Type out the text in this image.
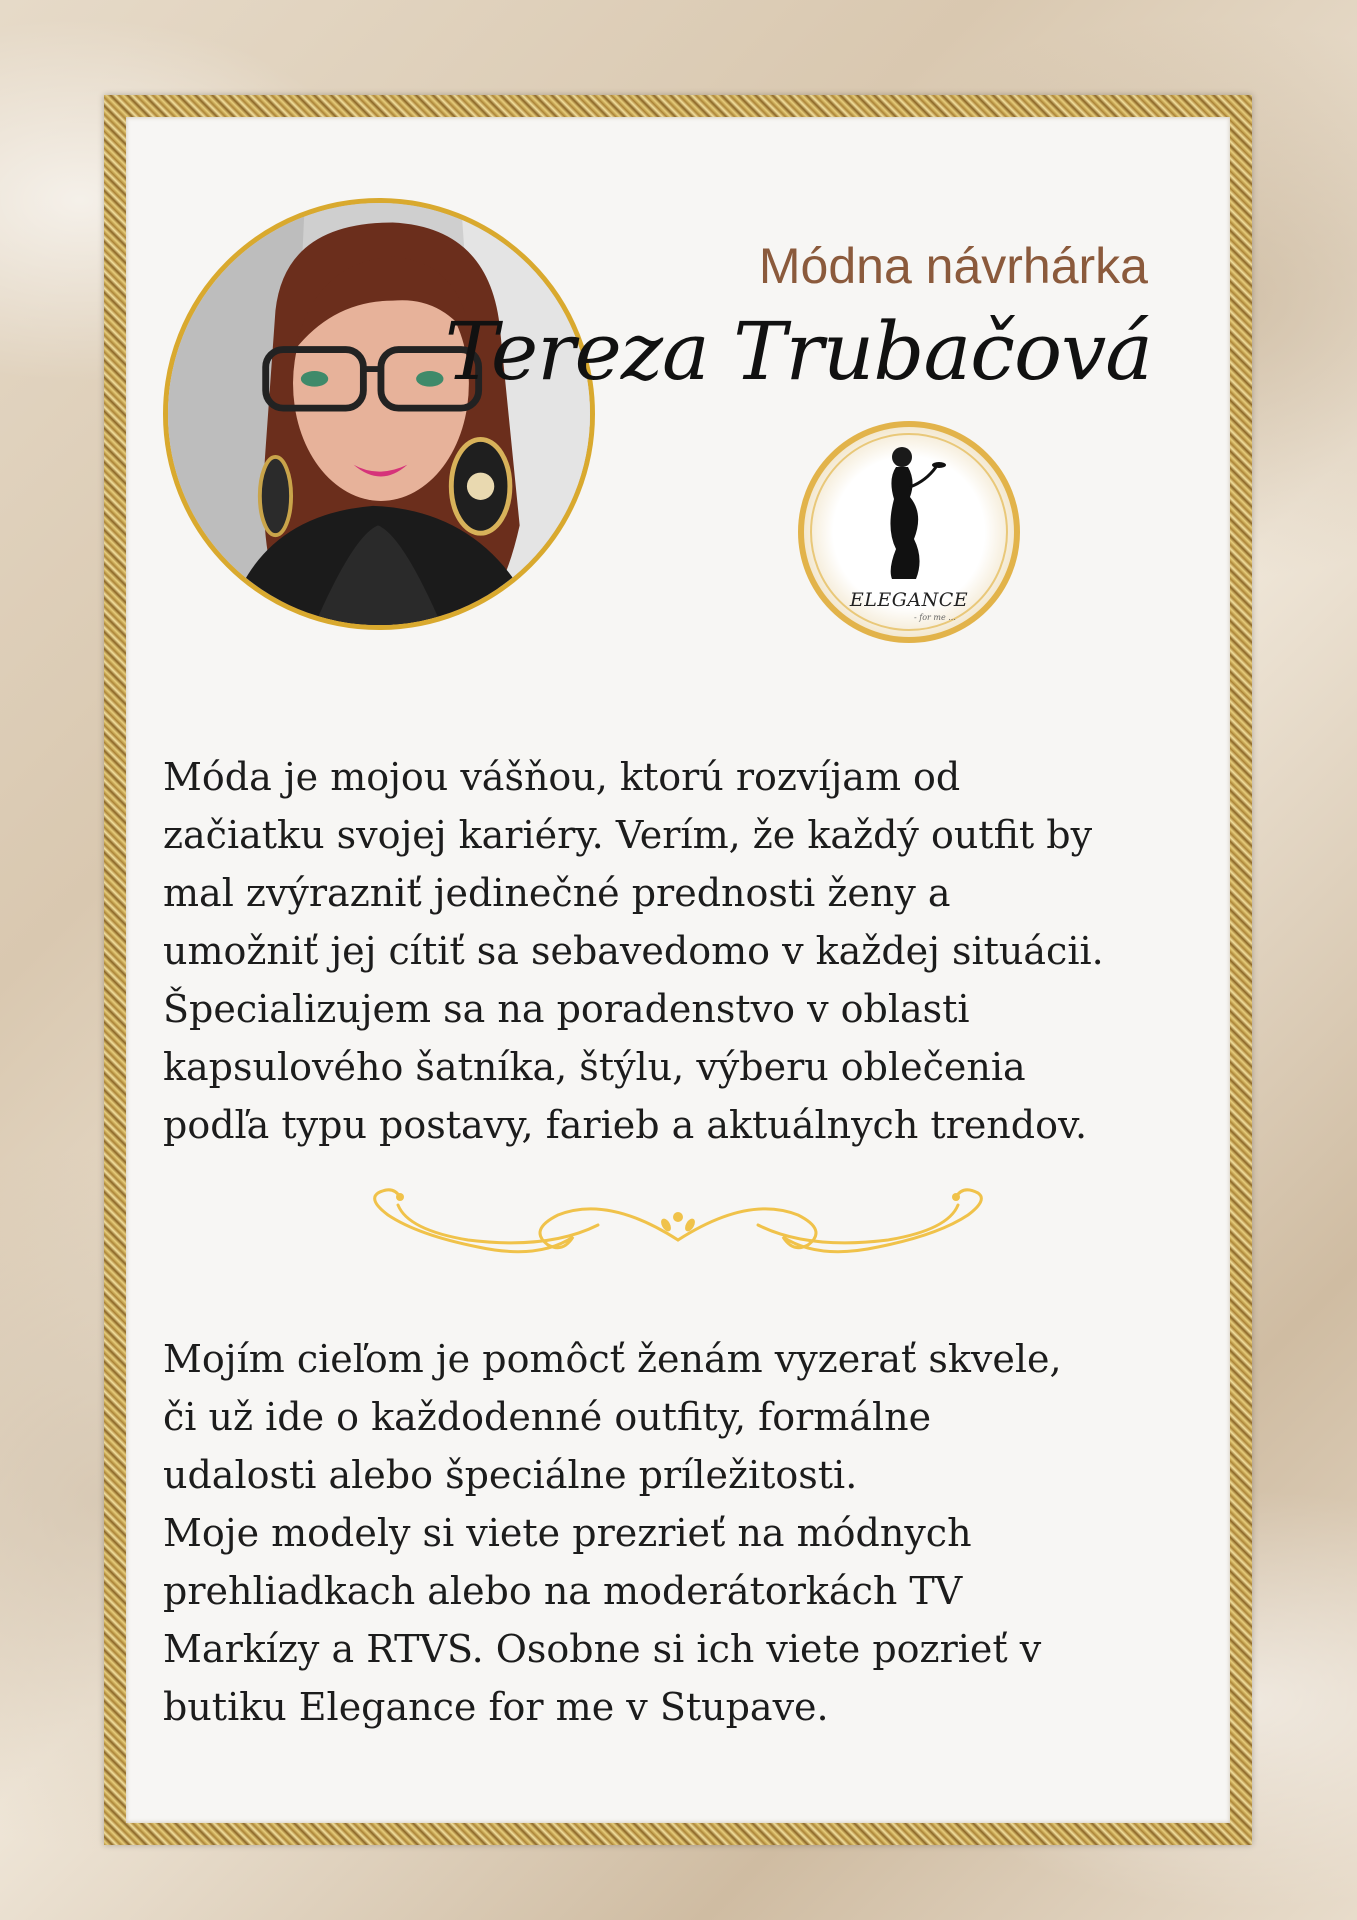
Módna návrhárka
Tereza Trubačová
ELEGANCE
- for me ...

Móda je mojou vášňou, ktorú rozvíjam od
začiatku svojej kariéry. Verím, že každý outfit by
mal zvýrazniť jedinečné prednosti ženy a
umožniť jej cítiť sa sebavedomo v každej situácii.
Špecializujem sa na poradenstvo v oblasti
kapsulového šatníka, štýlu, výberu oblečenia
podľa typu postavy, farieb a aktuálnych trendov.

Mojím cieľom je pomôcť ženám vyzerať skvele,
či už ide o každodenné outfity, formálne
udalosti alebo špeciálne príležitosti.
Moje modely si viete prezrieť na módnych
prehliadkach alebo na moderátorkách TV
Markízy a RTVS. Osobne si ich viete pozrieť v
butiku Elegance for me v Stupave.
